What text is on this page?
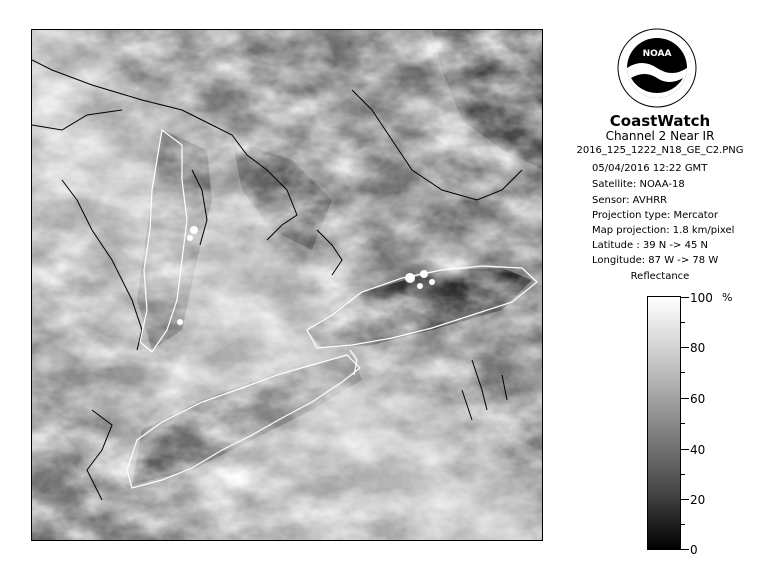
NOAA
CoastWatch
Channel 2 Near IR
2016_125_1222_N18_GE_C2.PNG
05/04/2016 12:22 GMT
Satellite: NOAA-18
Sensor: AVHRR
Projection type: Mercator
Map projection: 1.8 km/pixel
Latitude : 39 N -> 45 N
Longitude: 87 W -> 78 W
Reflectance
%
100
80
60
40
20
0
